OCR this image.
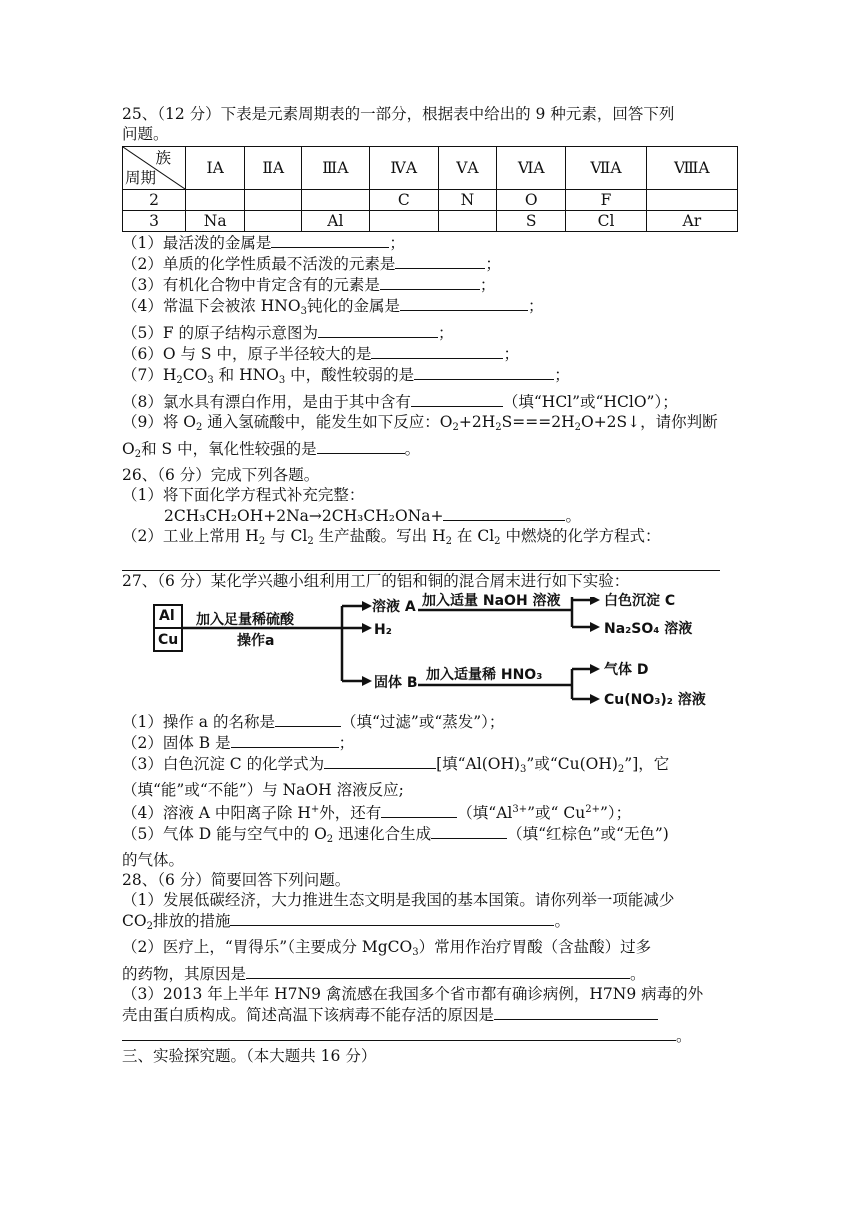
25、（12 分）下表是元素周期表的一部分，根据表中给出的 9 种元素，回答下列
问题。
族
周期	IA	ⅡA	ⅢA	ⅣA	ⅤA	ⅥA	ⅦA	ⅧA
2				C	N	O	F	
3	Na		Al			S	Cl	Ar
（1）最活泼的金属是	；
（2）单质的化学性质最不活泼的元素是	；
（3）有机化合物中肯定含有的元素是	；
（4）常温下会被浓 $HNO_3$钝化的金属是	；
（5）F 的原子结构示意图为	；
（6）O 与 S 中，原子半径较大的是	；
$(7)H_2CO_3$ 和 $HNO_3$ 中，酸性较弱的是	；
（8）氯水具有漂白作用，是由于其中含有	（填“HCl”或“HClO”）；
（9）将 $O_2$ 通入氢硫酸中，能发生如下反应：$O_2+2H_2S===2H_2O+2S↓$，请你判断
$O_2$和 S 中，氧化性较强的是	。
26、（6 分）完成下列各题。
（1）将下面化学方程式补充完整：
2CH₃CH₂OH+2Na→2CH₃CH₂ONa+	。
（2）工业上常用 $H_2$ 与 $Cl_2$ 生产盐酸。写出 $H_2$ 在 $Cl_2$ 中燃烧的化学方程式：
27、（6 分）某化学兴趣小组利用工厂的铝和铜的混合屑末进行如下实验：
Al
Cu
加入足量稀硫酸
操作a
溶液 A 加入适量 NaOH 溶液	白色沉淀 C
Na₂SO₄ 溶液
H₂
固体 B 加入适量稀 HNO₃	气体 D
Cu(NO₃)₂ 溶液
（1）操作 a 的名称是	（填“过滤”或“蒸发”）；
（2）固体 B 是	；
（3）白色沉淀 C 的化学式为	[填“$Al(OH)_3$”或“$Cu(OH)_2$”]，它
（填“能”或“不能”）与 NaOH 溶液反应;
（4）溶液 A 中阳离子除 H+外，还有	（填“$Al^{3+}$”或“ $Cu^{2+}$”）；
（5）气体 D 能与空气中的 $O_2$ 迅速化合生成	（填“红棕色”或“无色”)
的气体。
28、（6 分）简要回答下列问题。
（1）发展低碳经济，大力推进生态文明是我国的基本国策。请你列举一项能减少
$CO_2$排放的措施	。
（2）医疗上，“胃得乐”（主要成分 MgCO$_3$）常用作治疗胃酸（含盐酸）过多
的药物，其原因是	。
（3）2013 年上半年 H7N9 禽流感在我国多个省市都有确诊病例，H7N9 病毒的外
壳由蛋白质构成。简述高温下该病毒不能存活的原因是
。
三、实验探究题。（本大题共 16 分）
